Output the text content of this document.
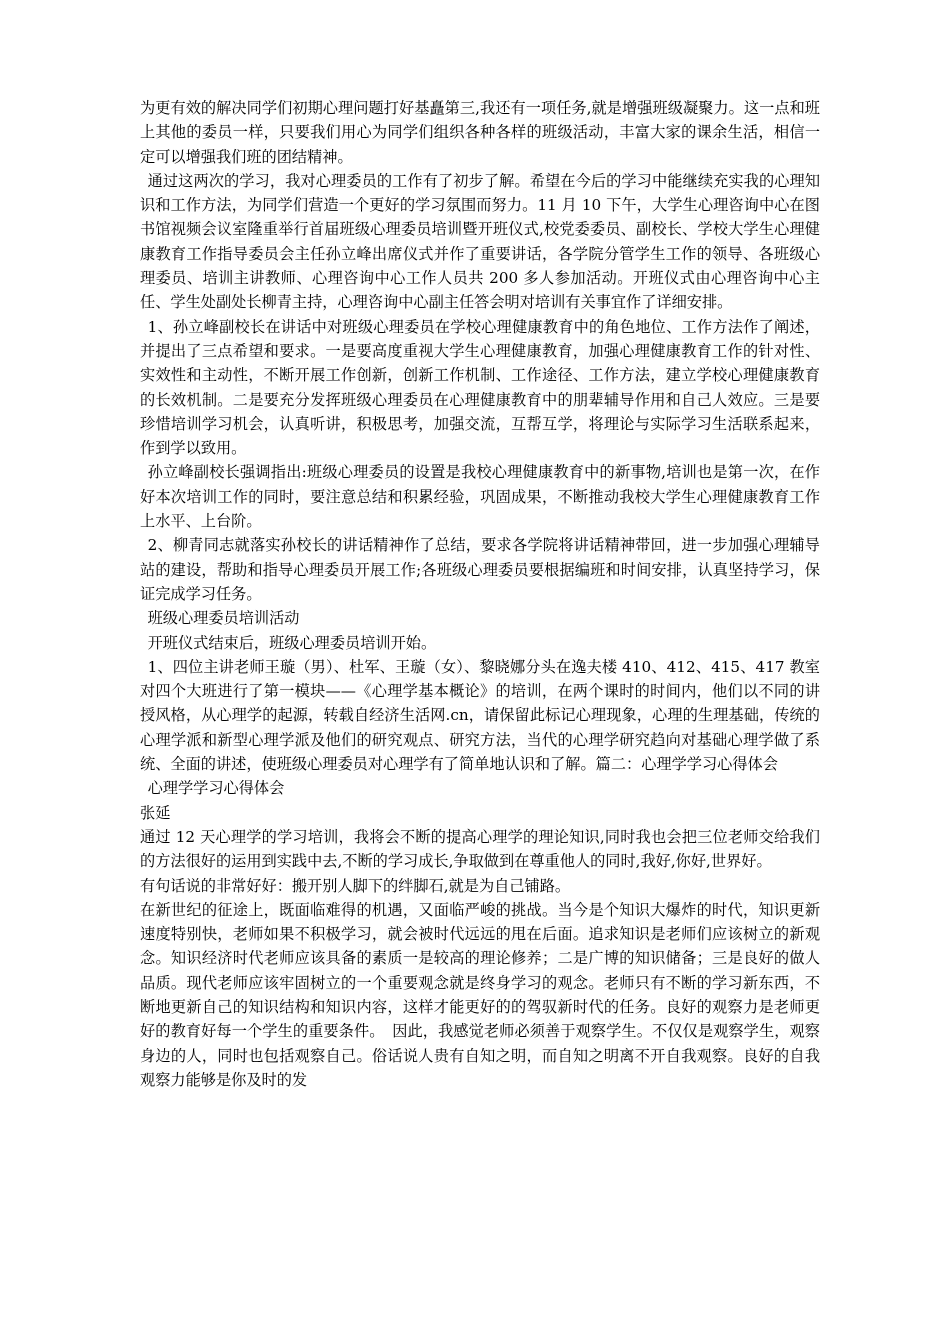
为更有效的解决同学们初期心理问题打好基矗第三,我还有一项任务,就是增强班级凝聚力。这一点和班上其他的委员一样，只要我们用心为同学们组织各种各样的班级活动，丰富大家的课余生活，相信一定可以增强我们班的团结精神。

通过这两次的学习，我对心理委员的工作有了初步了解。希望在今后的学习中能继续充实我的心理知识和工作方法，为同学们营造一个更好的学习氛围而努力。11 月 10 下午，大学生心理咨询中心在图书馆视频会议室隆重举行首届班级心理委员培训暨开班仪式,校党委委员、副校长、学校大学生心理健康教育工作指导委员会主任孙立峰出席仪式并作了重要讲话，各学院分管学生工作的领导、各班级心理委员、培训主讲教师、心理咨询中心工作人员共 200 多人参加活动。开班仪式由心理咨询中心主任、学生处副处长柳青主持，心理咨询中心副主任答会明对培训有关事宜作了详细安排。

1、孙立峰副校长在讲话中对班级心理委员在学校心理健康教育中的角色地位、工作方法作了阐述，并提出了三点希望和要求。一是要高度重视大学生心理健康教育，加强心理健康教育工作的针对性、实效性和主动性，不断开展工作创新，创新工作机制、工作途径、工作方法，建立学校心理健康教育的长效机制。二是要充分发挥班级心理委员在心理健康教育中的朋辈辅导作用和自己人效应。三是要珍惜培训学习机会，认真听讲，积极思考，加强交流，互帮互学，将理论与实际学习生活联系起来，作到学以致用。

孙立峰副校长强调指出:班级心理委员的设置是我校心理健康教育中的新事物,培训也是第一次，在作好本次培训工作的同时，要注意总结和积累经验，巩固成果，不断推动我校大学生心理健康教育工作上水平、上台阶。

2、柳青同志就落实孙校长的讲话精神作了总结，要求各学院将讲话精神带回，进一步加强心理辅导站的建设，帮助和指导心理委员开展工作;各班级心理委员要根据编班和时间安排，认真坚持学习，保证完成学习任务。

班级心理委员培训活动

开班仪式结束后，班级心理委员培训开始。

1、四位主讲老师王璇（男）、杜军、王璇（女）、黎晓娜分头在逸夫楼 410、412、415、417 教室对四个大班进行了第一模块——《心理学基本概论》的培训，在两个课时的时间内，他们以不同的讲授风格，从心理学的起源，转载自经济生活网.cn，请保留此标记心理现象，心理的生理基础，传统的心理学派和新型心理学派及他们的研究观点、研究方法，当代的心理学研究趋向对基础心理学做了系统、全面的讲述，使班级心理委员对心理学有了简单地认识和了解。篇二：心理学学习心得体会

心理学学习心得体会

张延

通过 12 天心理学的学习培训，我将会不断的提高心理学的理论知识,同时我也会把三位老师交给我们的方法很好的运用到实践中去,不断的学习成长,争取做到在尊重他人的同时,我好,你好,世界好。

有句话说的非常好好：搬开别人脚下的绊脚石,就是为自己铺路。

在新世纪的征途上，既面临难得的机遇，又面临严峻的挑战。当今是个知识大爆炸的时代，知识更新速度特别快，老师如果不积极学习，就会被时代远远的甩在后面。追求知识是老师们应该树立的新观念。知识经济时代老师应该具备的素质一是较高的理论修养；二是广博的知识储备；三是良好的做人品质。现代老师应该牢固树立的一个重要观念就是终身学习的观念。老师只有不断的学习新东西，不断地更新自己的知识结构和知识内容，这样才能更好的的驾驭新时代的任务。良好的观察力是老师更好的教育好每一个学生的重要条件。　因此，我感觉老师必须善于观察学生。不仅仅是观察学生，观察身边的人，同时也包括观察自己。俗话说人贵有自知之明，而自知之明离不开自我观察。良好的自我观察力能够是你及时的发
